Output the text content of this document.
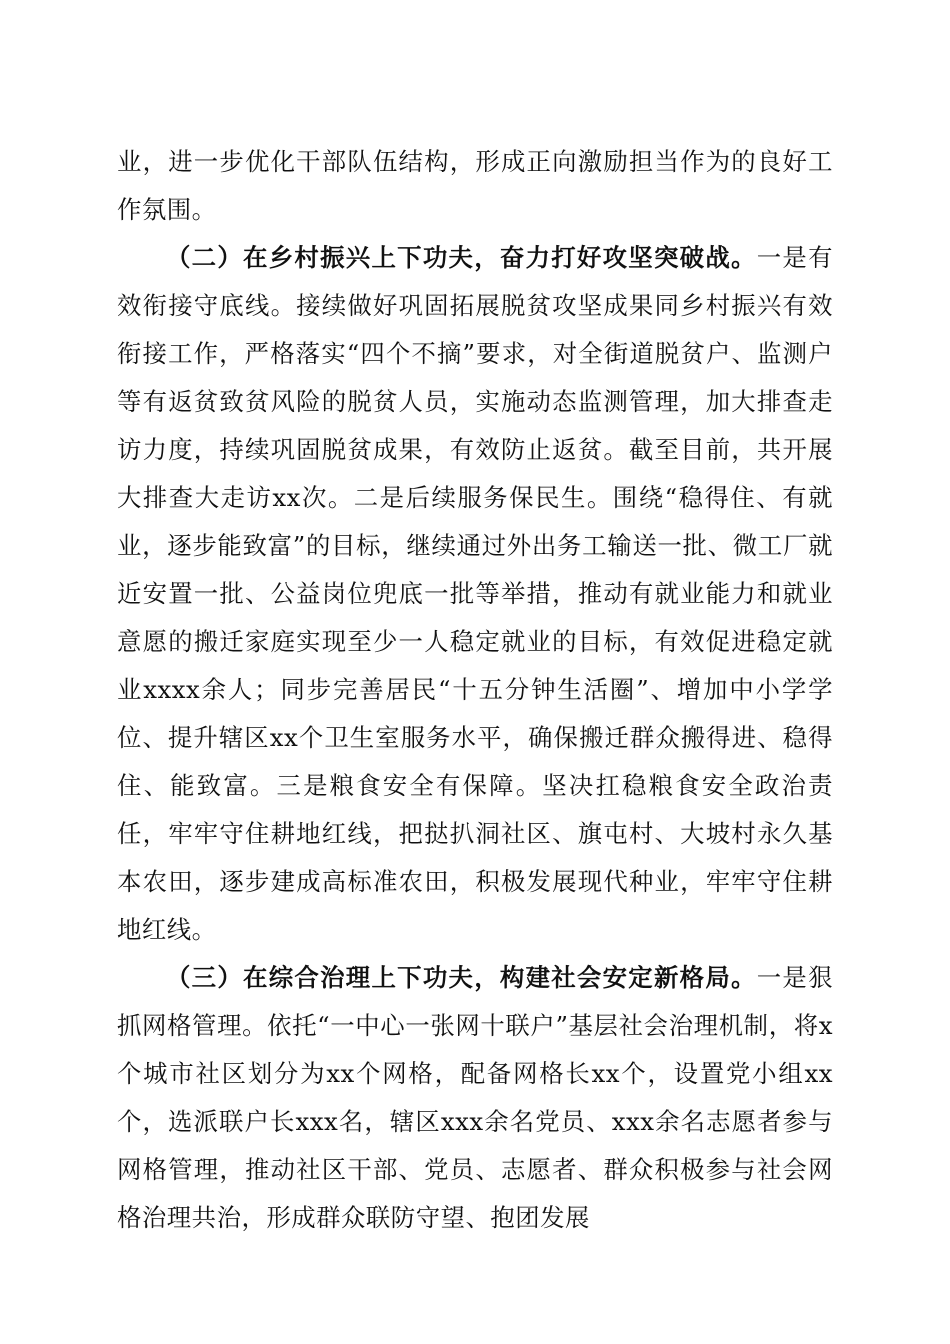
业，进一步优化干部队伍结构，形成正向激励担当作为的良好工作氛围。

（二）在乡村振兴上下功夫，奋力打好攻坚突破战。一是有效衔接守底线。接续做好巩固拓展脱贫攻坚成果同乡村振兴有效衔接工作，严格落实“四个不摘”要求，对全街道脱贫户、监测户等有返贫致贫风险的脱贫人员，实施动态监测管理，加大排查走访力度，持续巩固脱贫成果，有效防止返贫。截至目前，共开展大排查大走访xx次。二是后续服务保民生。围绕“稳得住、有就业，逐步能致富”的目标，继续通过外出务工输送一批、微工厂就近安置一批、公益岗位兜底一批等举措，推动有就业能力和就业意愿的搬迁家庭实现至少一人稳定就业的目标，有效促进稳定就业xxxx余人；同步完善居民“十五分钟生活圈”、增加中小学学位、提升辖区xx个卫生室服务水平，确保搬迁群众搬得进、稳得住、能致富。三是粮食安全有保障。坚决扛稳粮食安全政治责任，牢牢守住耕地红线，把挞扒洞社区、旗屯村、大坡村永久基本农田，逐步建成高标准农田，积极发展现代种业，牢牢守住耕地红线。

（三）在综合治理上下功夫，构建社会安定新格局。一是狠抓网格管理。依托“一中心一张网十联户”基层社会治理机制，将x个城市社区划分为xx个网格，配备网格长xx个，设置党小组xx个，选派联户长xxx名，辖区xxx余名党员、xxx余名志愿者参与网格管理，推动社区干部、党员、志愿者、群众积极参与社会网格治理共治，形成群众联防守望、抱团发展
